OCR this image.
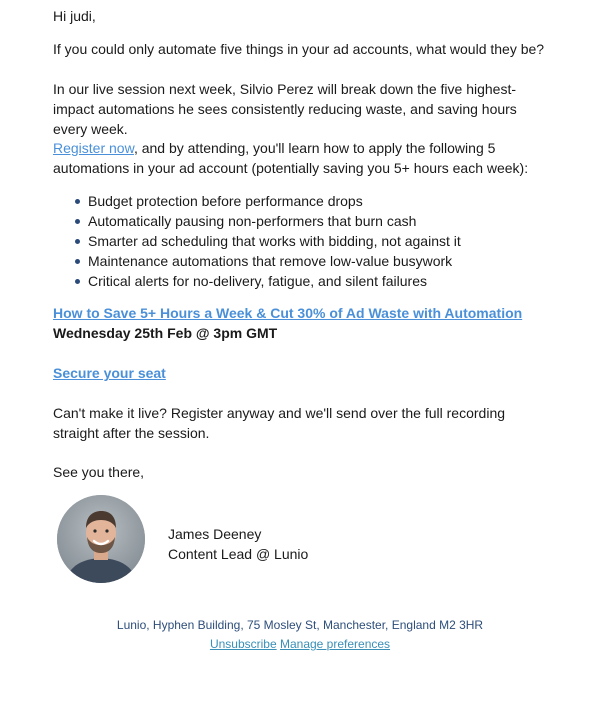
Hi judi,

If you could only automate five things in your ad accounts, what would they be?

In our live session next week, Silvio Perez will break down the five highest-impact automations he sees consistently reducing waste, and saving hours every week.

Register now, and by attending, you'll learn how to apply the following 5 automations in your ad account (potentially saving you 5+ hours each week):

Budget protection before performance drops
Automatically pausing non-performers that burn cash
Smarter ad scheduling that works with bidding, not against it
Maintenance automations that remove low-value busywork
Critical alerts for no-delivery, fatigue, and silent failures
How to Save 5+ Hours a Week & Cut 30% of Ad Waste with Automation

Wednesday 25th Feb @ 3pm GMT

Secure your seat

Can't make it live? Register anyway and we'll send over the full recording straight after the session.

See you there,

James Deeney

Content Lead @ Lunio

Lunio, Hyphen Building, 75 Mosley St, Manchester, England M2 3HR

Unsubscribe Manage preferences
